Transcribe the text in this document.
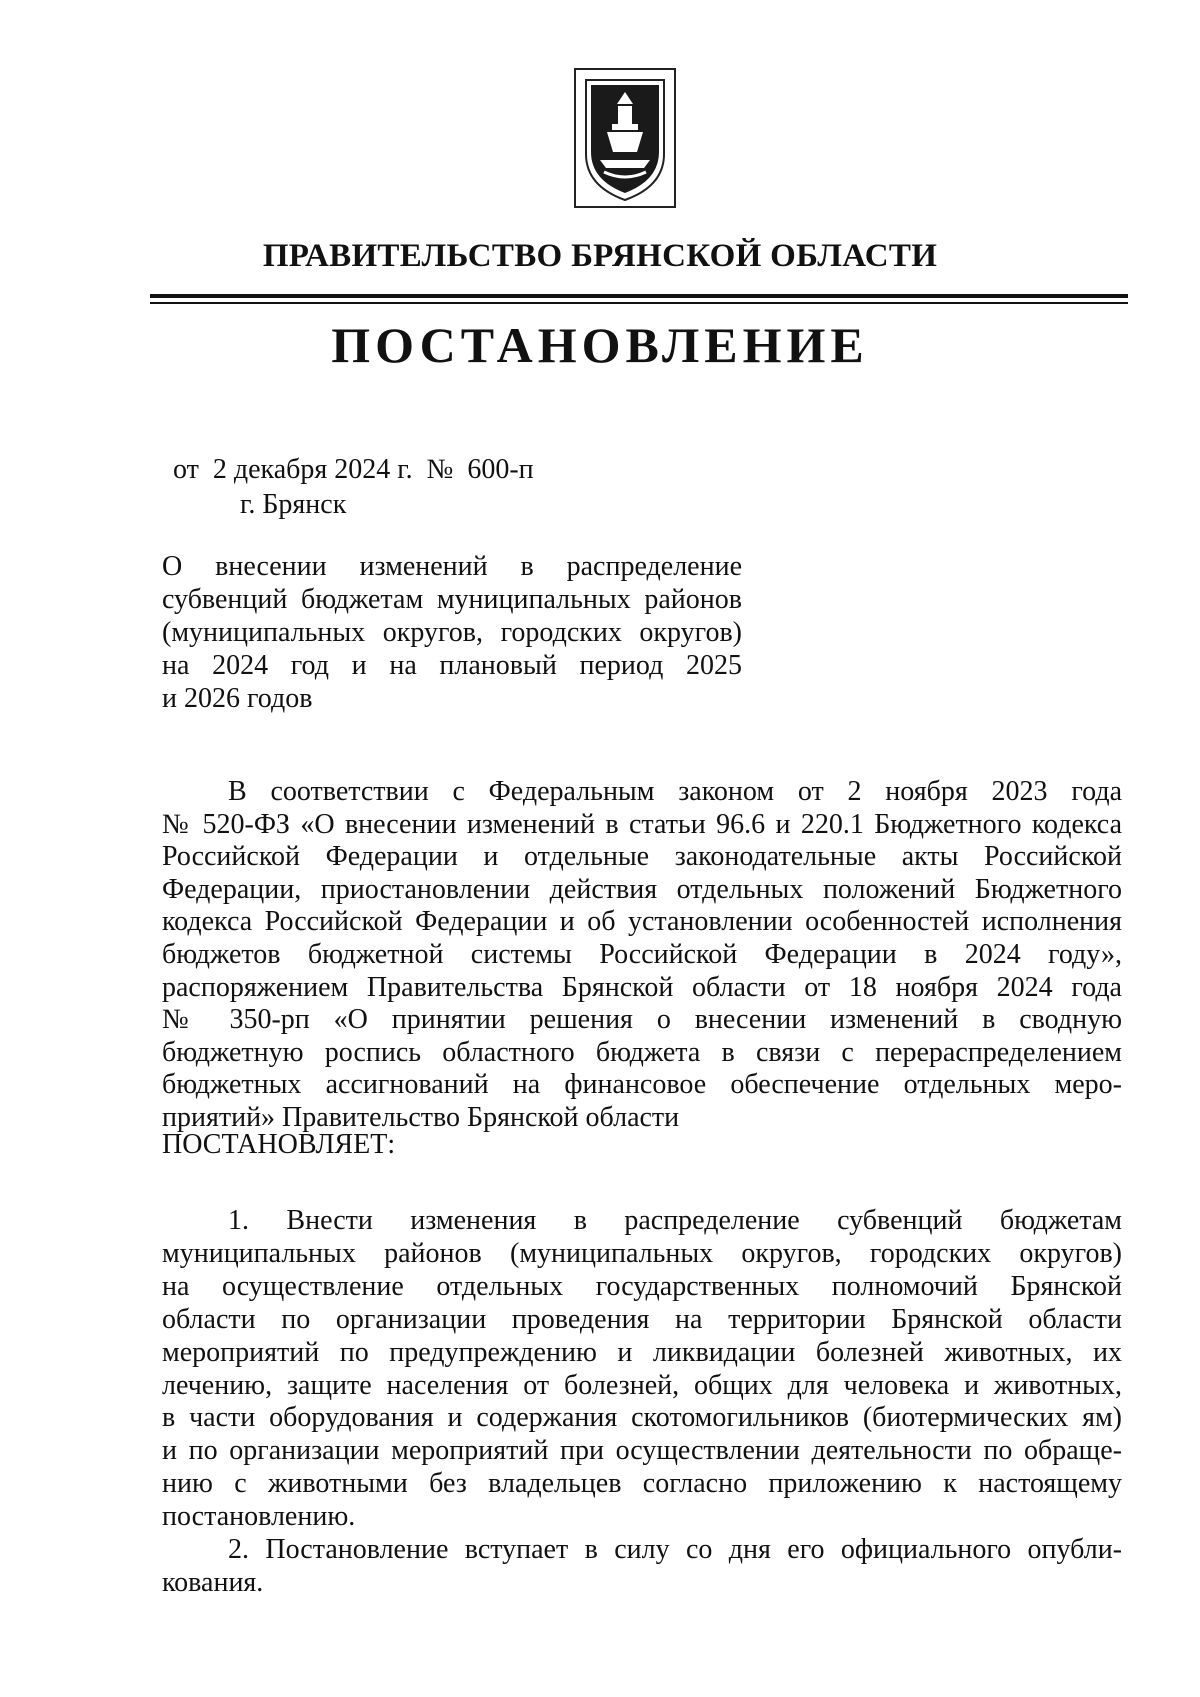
ПРАВИТЕЛЬСТВО БРЯНСКОЙ ОБЛАСТИ
ПОСТАНОВЛЕНИЕ
от  2 декабря 2024 г.  №  600-п
г. Брянск
О внесении изменений в распределение
субвенций бюджетам муниципальных районов
(муниципальных округов, городских округов)
на 2024 год и на плановый период 2025
и 2026 годов
В соответствии с Федеральным законом от 2 ноября 2023 года
№ 520-ФЗ «О внесении изменений в статьи 96.6 и 220.1 Бюджетного кодекса
Российской Федерации и отдельные законодательные акты Российской
Федерации, приостановлении действия отдельных положений Бюджетного
кодекса Российской Федерации и об установлении особенностей исполнения
бюджетов бюджетной системы Российской Федерации в 2024 году»,
распоряжением Правительства Брянской области от 18 ноября 2024 года
№ 350-рп «О принятии решения о внесении изменений в сводную
бюджетную роспись областного бюджета в связи с перераспределением
бюджетных ассигнований на финансовое обеспечение отдельных меро-
приятий» Правительство Брянской области
ПОСТАНОВЛЯЕТ:
1. Внести изменения в распределение субвенций бюджетам
муниципальных районов (муниципальных округов, городских округов)
на осуществление отдельных государственных полномочий Брянской
области по организации проведения на территории Брянской области
мероприятий по предупреждению и ликвидации болезней животных, их
лечению, защите населения от болезней, общих для человека и животных,
в части оборудования и содержания скотомогильников (биотермических ям)
и по организации мероприятий при осуществлении деятельности по обраще-
нию с животными без владельцев согласно приложению к настоящему
постановлению.
2. Постановление вступает в силу со дня его официального опубли-
кования.
